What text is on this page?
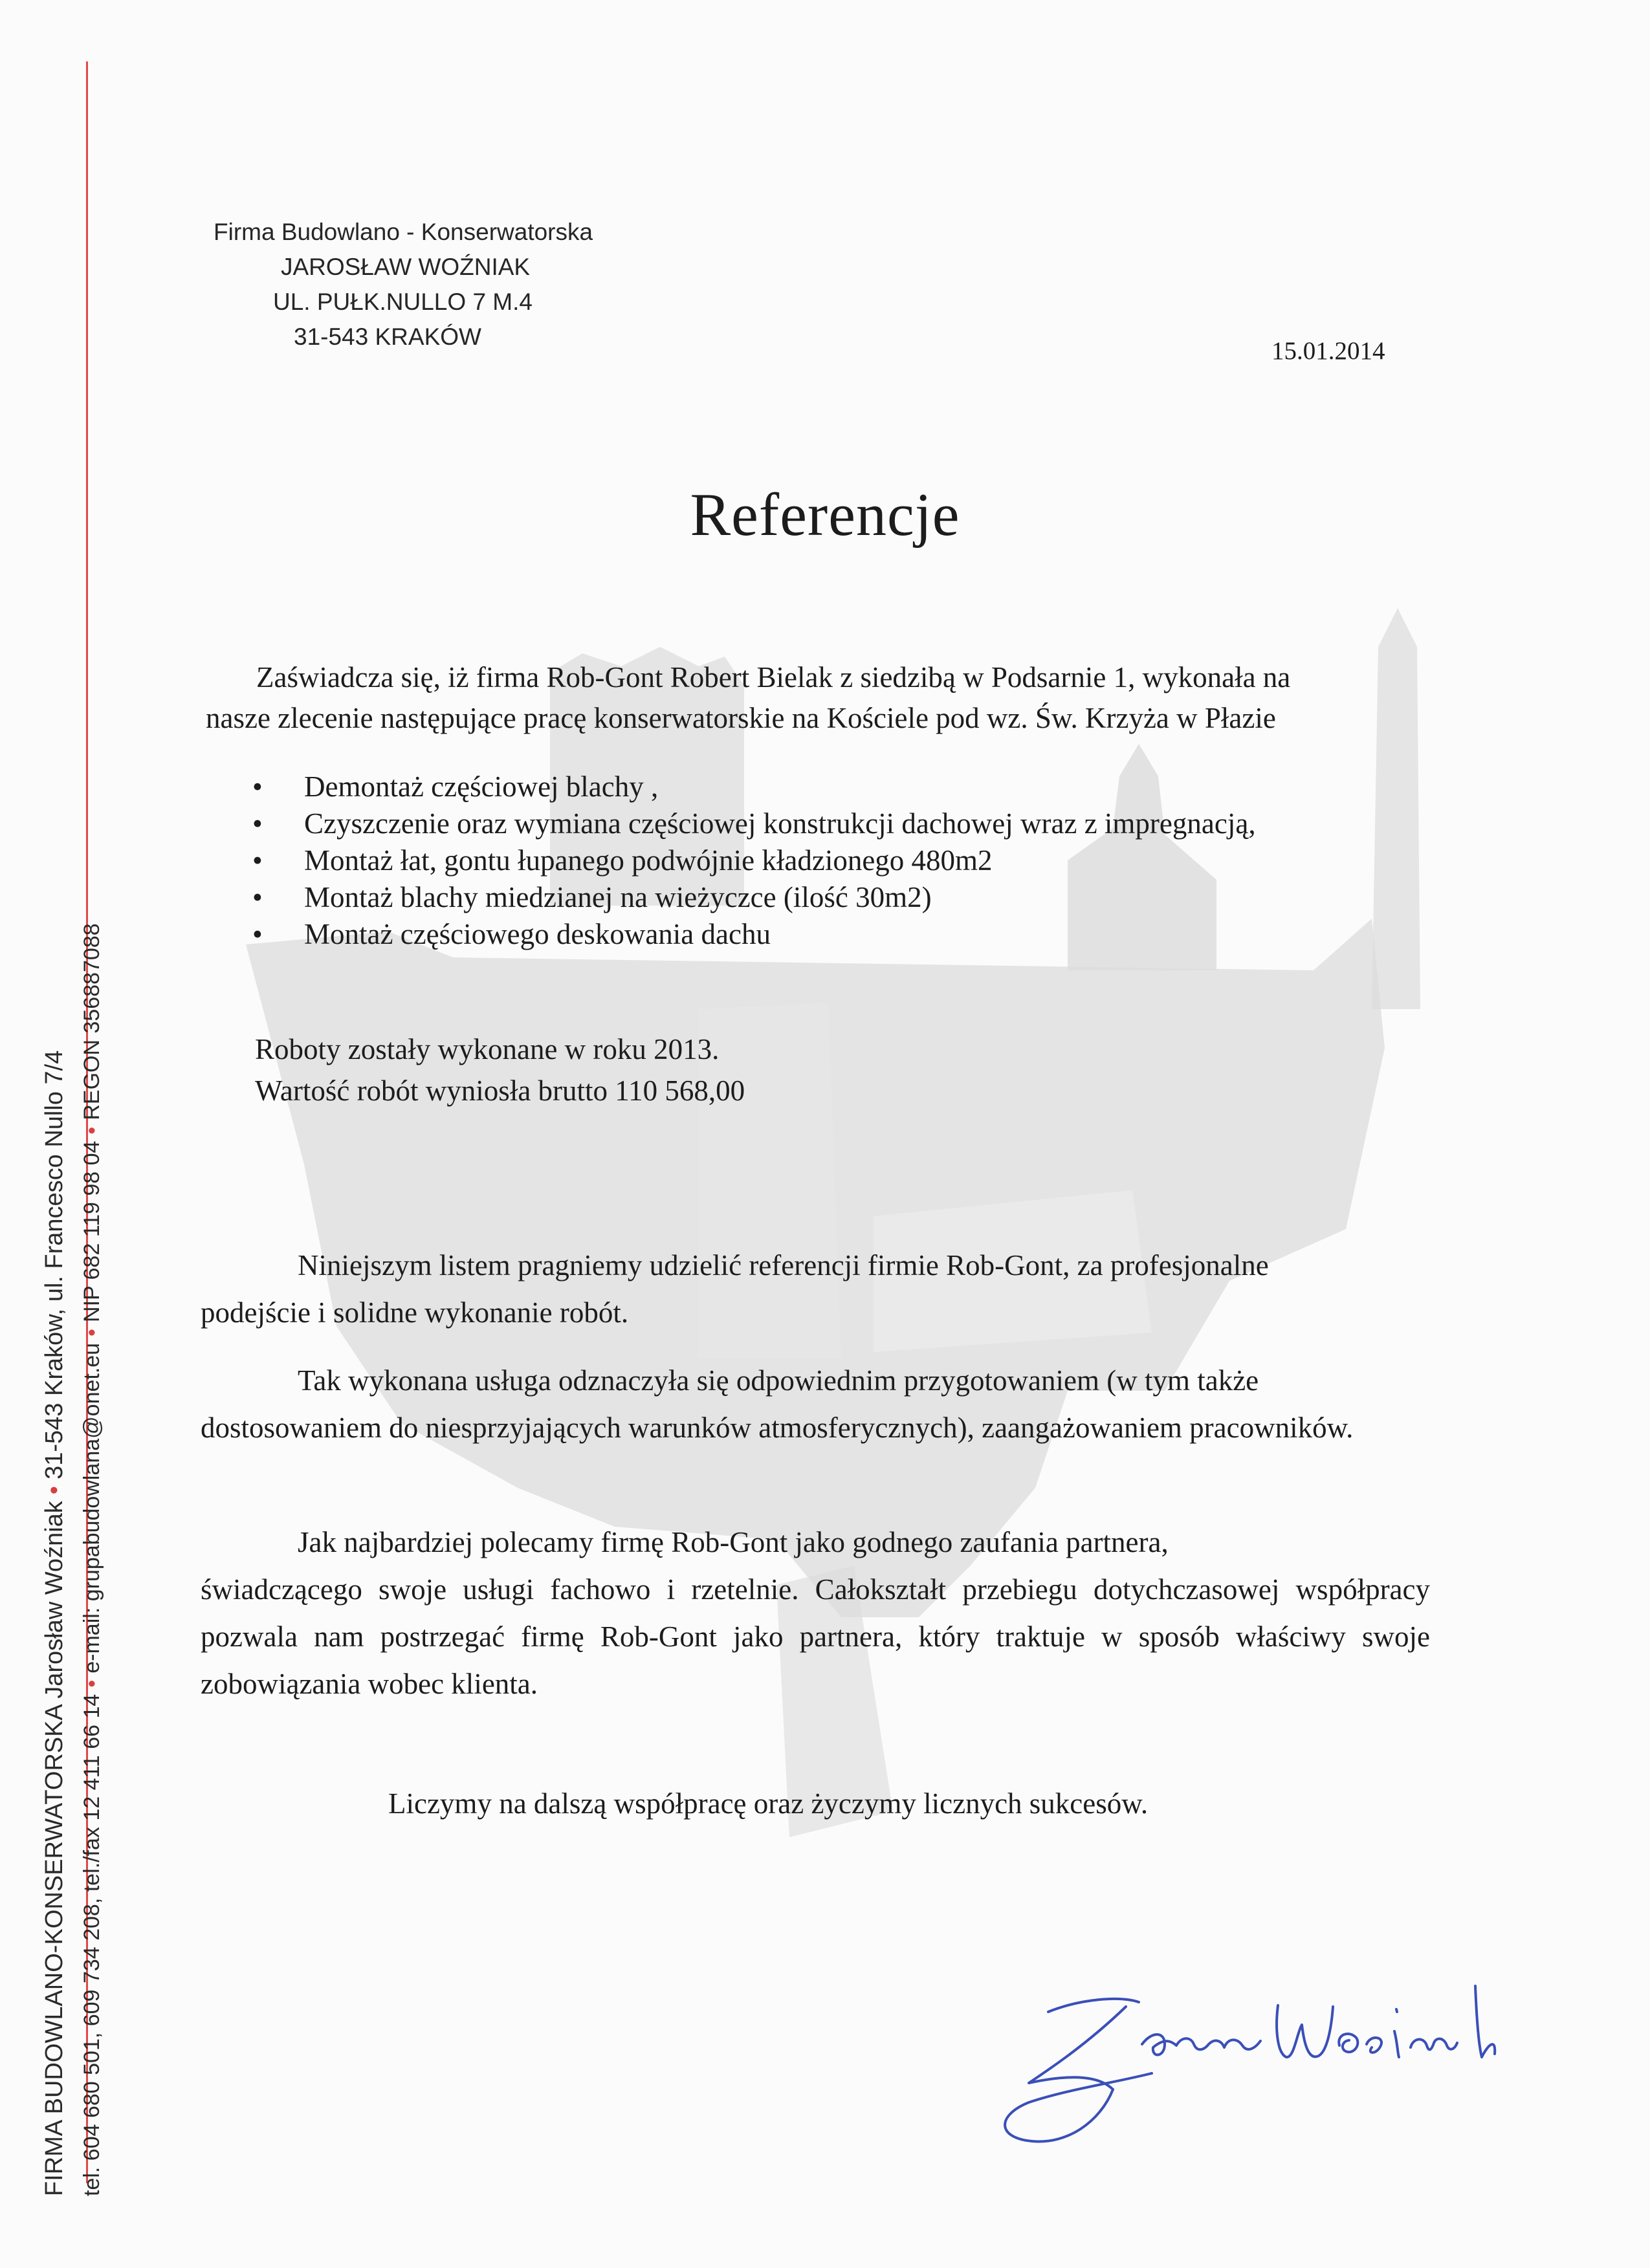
FIRMA BUDOWLANO-KONSERWATORSKA Jarosław Woźniak•31-543 Kraków, ul. Francesco Nullo 7/4
tel. 604 680 501, 609 734 208, tel./fax 12 411 66 14•e-mail: grupabudowlana@onet.eu•NIP 682 119 98 04•REGON 356887088
Firma Budowlano - Konserwatorska
JAROSŁAW WOŹNIAK
UL. PUŁK.NULLO 7 M.4
31-543 KRAKÓW
15.01.2014
Referencje
Zaświadcza się, iż firma Rob-Gont Robert Bielak z siedzibą w Podsarnie 1, wykonała na
nasze zlecenie następujące pracę konserwatorskie na Kościele pod wz. Św. Krzyża w Płazie
• Demontaż częściowej blachy ,
• Czyszczenie oraz wymiana częściowej konstrukcji dachowej wraz z impregnacją,
• Montaż łat, gontu łupanego podwójnie kładzionego 480m2
• Montaż blachy miedzianej na wieżyczce (ilość 30m2)
• Montaż częściowego deskowania dachu
Roboty zostały wykonane w roku 2013.
Wartość robót wyniosła brutto 110 568,00
Niniejszym listem pragniemy udzielić referencji firmie Rob-Gont, za profesjonalne
podejście i solidne wykonanie robót.
Tak wykonana usługa odznaczyła się odpowiednim przygotowaniem (w tym także
dostosowaniem do niesprzyjających warunków atmosferycznych), zaangażowaniem pracowników.
Jak najbardziej polecamy firmę Rob-Gont jako godnego zaufania partnera,
świadczącego swoje usługi fachowo i rzetelnie. Całokształt przebiegu dotychczasowej współpracy pozwala nam postrzegać firmę Rob-Gont jako partnera, który traktuje w sposób właściwy swoje zobowiązania wobec klienta.
Liczymy na dalszą współpracę oraz życzymy licznych sukcesów.
